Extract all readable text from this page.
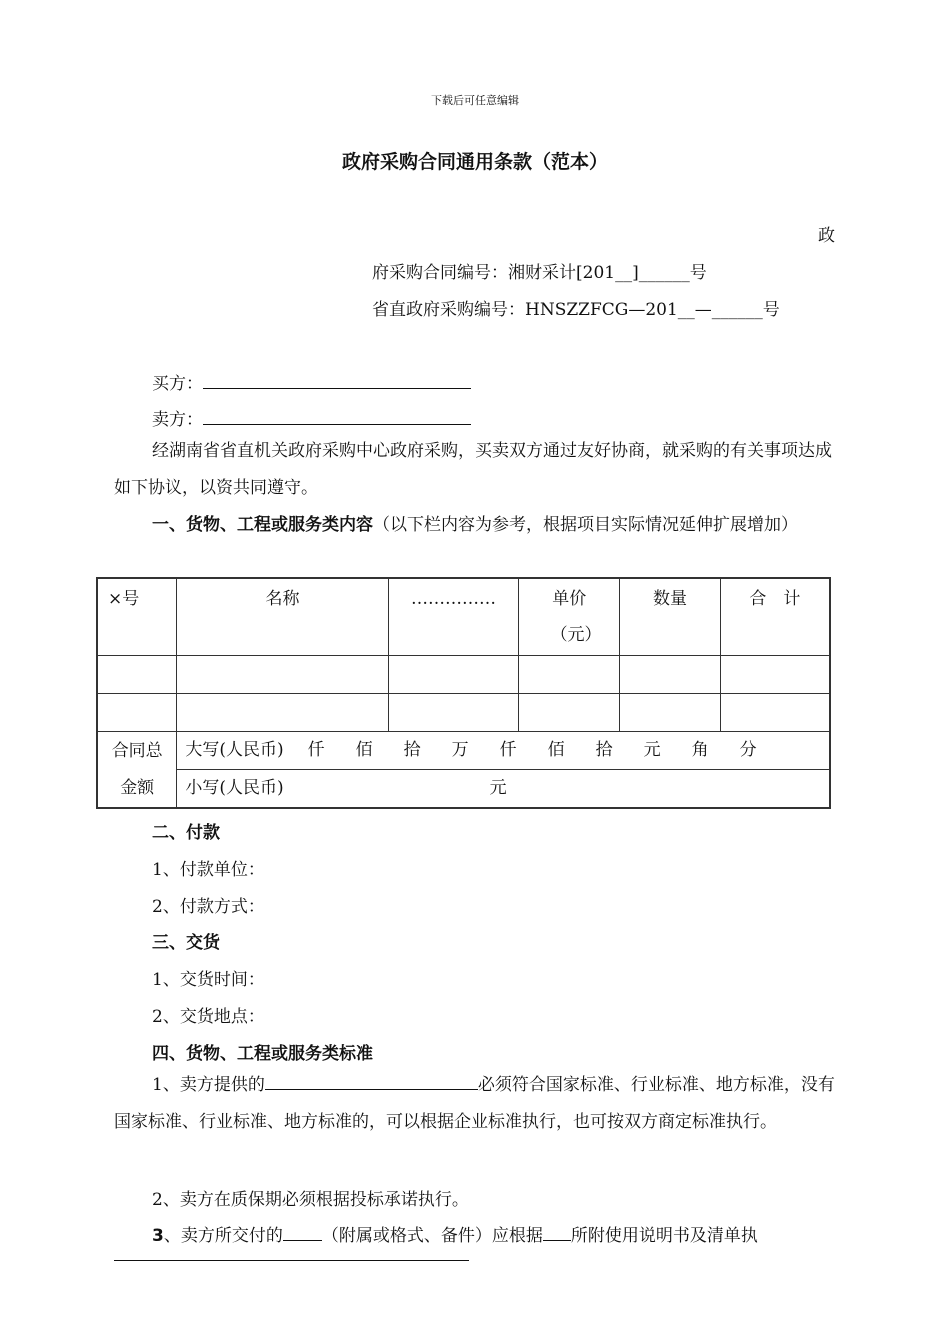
下载后可任意编辑
政府采购合同通用条款（范本）
政
府采购合同编号：湘财采计[201__]______号
省直政府采购编号：HNSZZFCG—201__—______号
买方：
卖方：
经湖南省省直机关政府采购中心政府采购，买卖双方通过友好协商，就采购的有关事项达成如下协议，以资共同遵守。
一、货物、工程或服务类内容（以下栏内容为参考，根据项目实际情况延伸扩展增加）
×号	名称	……………	单价（元）	数量	合　计

合同总金额	大写(人民币) 仟 佰 拾 万 仟 佰 拾 元 角 分				
	小写(人民币) 元				
二、付款
1、付款单位：
2、付款方式：
三、交货
1、交货时间：
2、交货地点：
四、货物、工程或服务类标准
1、卖方提供的	必须符合国家标准、行业标准、地方标准，没有国家标准、行业标准、地方标准的，可以根据企业标准执行，也可按双方商定标准执行。
2、卖方在质保期必须根据投标承诺执行。
3、卖方所交付的 （附属或格式、备件）应根据 所附使用说明书及清单执
